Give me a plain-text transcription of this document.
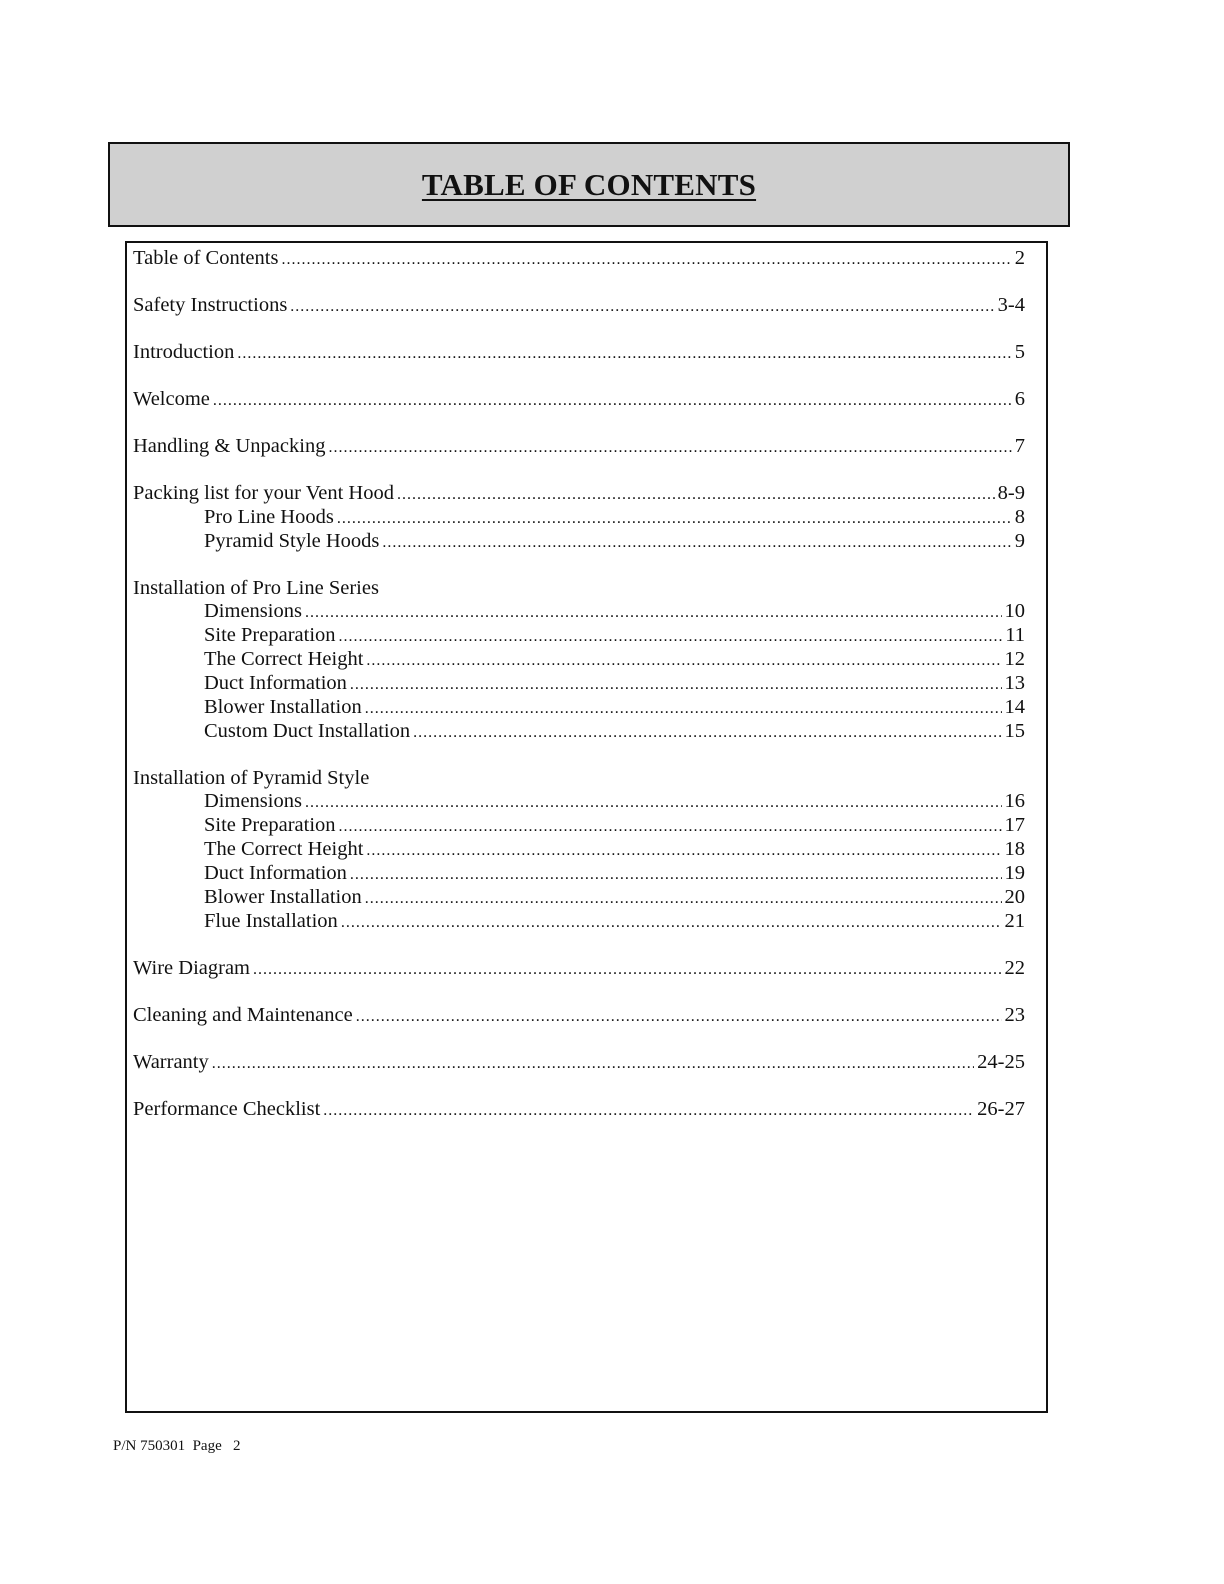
TABLE OF CONTENTS
Table of Contents .....	2
Safety Instructions .....	3-4
Introduction .....	5
Welcome .....	6
Handling & Unpacking .....	7
Packing list for your Vent Hood .....	8-9
Pro Line Hoods .....	8
Pyramid Style Hoods .....	9
Installation of Pro Line Series
Dimensions .....	10
Site Preparation .....	11
The Correct Height .....	12
Duct Information .....	13
Blower Installation .....	14
Custom Duct Installation .....	15
Installation of Pyramid Style
Dimensions .....	16
Site Preparation .....	17
The Correct Height .....	18
Duct Information .....	19
Blower Installation .....	20
Flue Installation .....	21
Wire Diagram .....	22
Cleaning and Maintenance .....	23
Warranty .....	24-25
Performance Checklist .....	26-27
P/N 750301 Page 2
